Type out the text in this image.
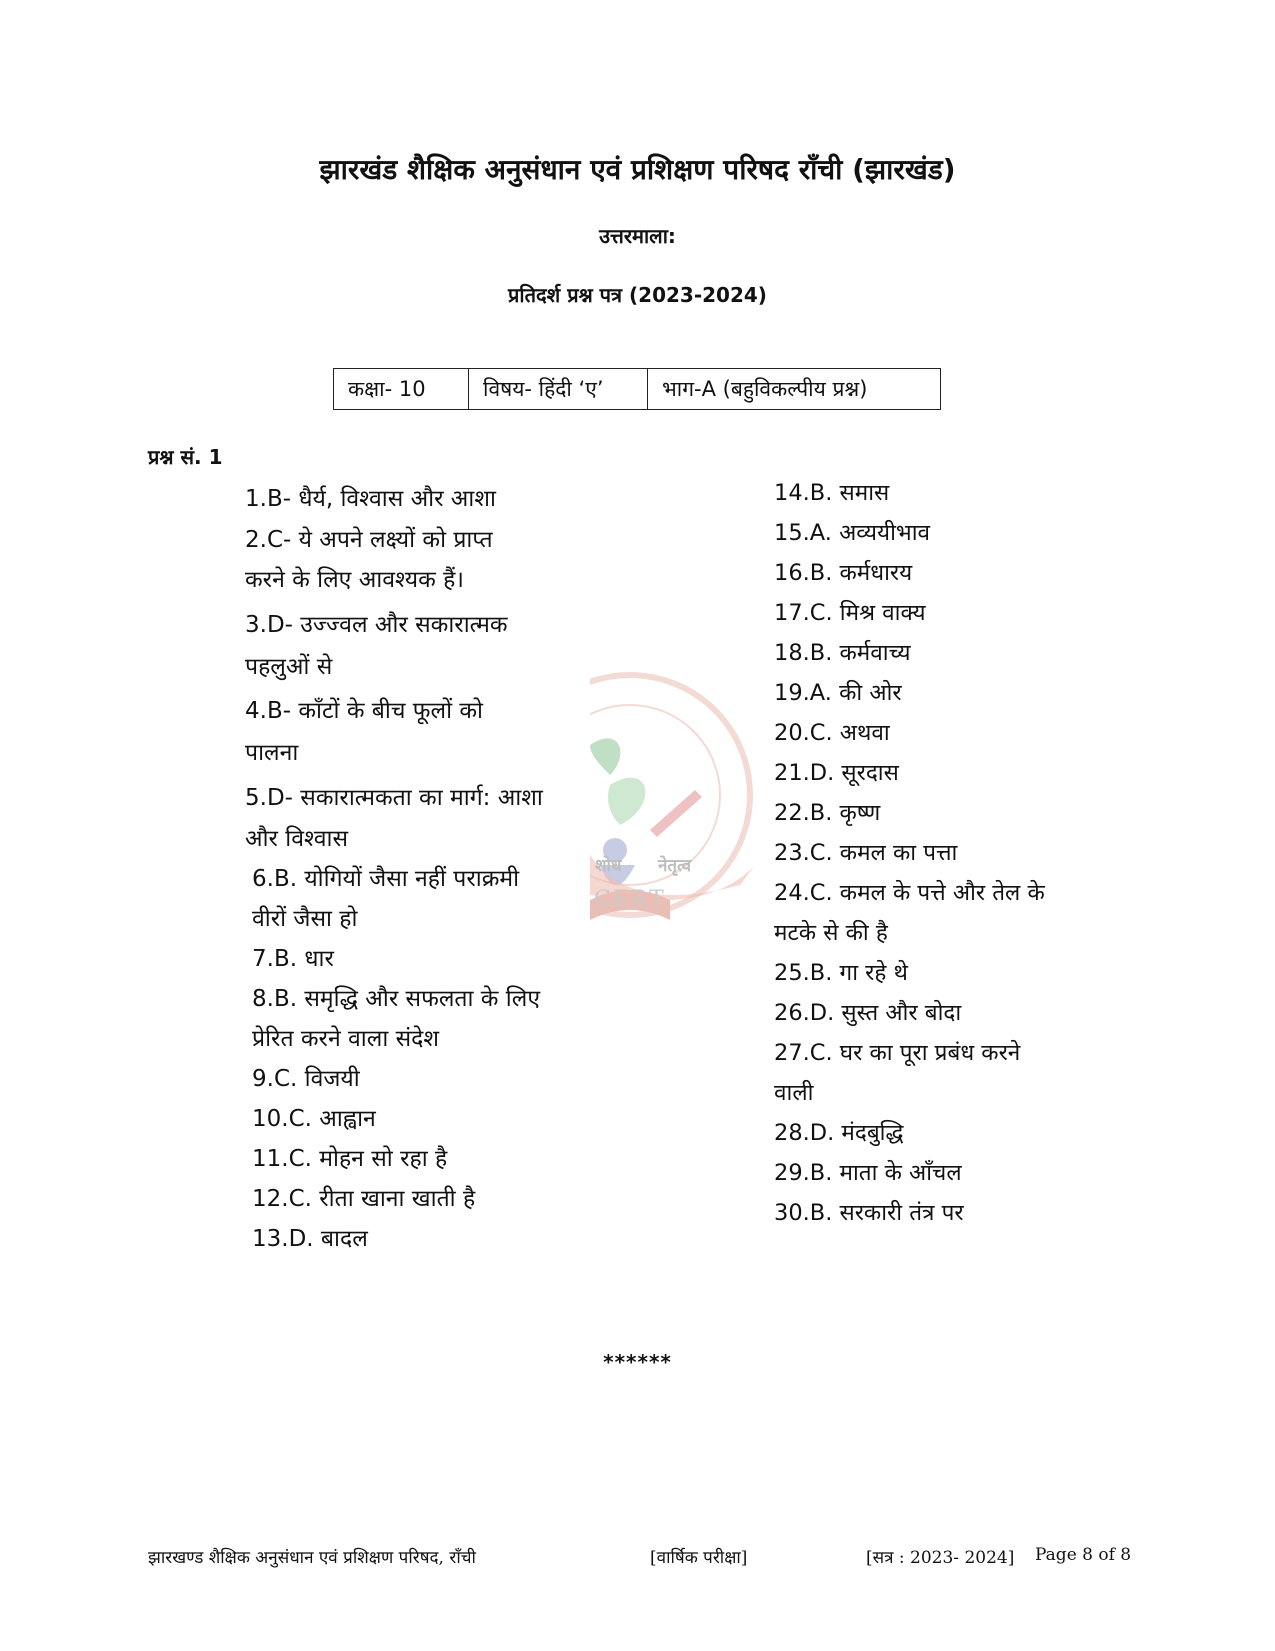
झारखंड शैक्षिक अनुसंधान एवं प्रशिक्षण परिषद राँची (झारखंड)
उत्तरमाला:
प्रतिदर्श प्रश्न पत्र (2023-2024)
कक्षा- 10	विषय- हिंदी ‘ए’	भाग-A (बहुविकल्पीय प्रश्न)
प्रश्न सं. 1
शोध नेतृत्व
CERT
1.B- धैर्य, विश्वास और आशा
2.C- ये अपने लक्ष्यों को प्राप्त
करने के लिए आवश्यक हैं।
3.D- उज्ज्वल और सकारात्मक
पहलुओं से
4.B- काँटों के बीच फूलों को
पालना
5.D- सकारात्मकता का मार्ग: आशा
और विश्वास
6.B. योगियों जैसा नहीं पराक्रमी
वीरों जैसा हो
7.B. धार
8.B. समृद्धि और सफलता के लिए
प्रेरित करने वाला संदेश
9.C. विजयी
10.C. आह्वान
11.C. मोहन सो रहा है
12.C. रीता खाना खाती है
13.D. बादल
14.B. समास
15.A. अव्ययीभाव
16.B. कर्मधारय
17.C. मिश्र वाक्य
18.B. कर्मवाच्य
19.A. की ओर
20.C. अथवा
21.D. सूरदास
22.B. कृष्ण
23.C. कमल का पत्ता
24.C. कमल के पत्ते और तेल के
मटके से की है
25.B. गा रहे थे
26.D. सुस्त और बोदा
27.C. घर का पूरा प्रबंध करने
वाली
28.D. मंदबुद्धि
29.B. माता के आँचल
30.B. सरकारी तंत्र पर
******
झारखण्ड शैक्षिक अनुसंधान एवं प्रशिक्षण परिषद, राँची	[वार्षिक परीक्षा]	[सत्र : 2023- 2024] Page 8 of 8
